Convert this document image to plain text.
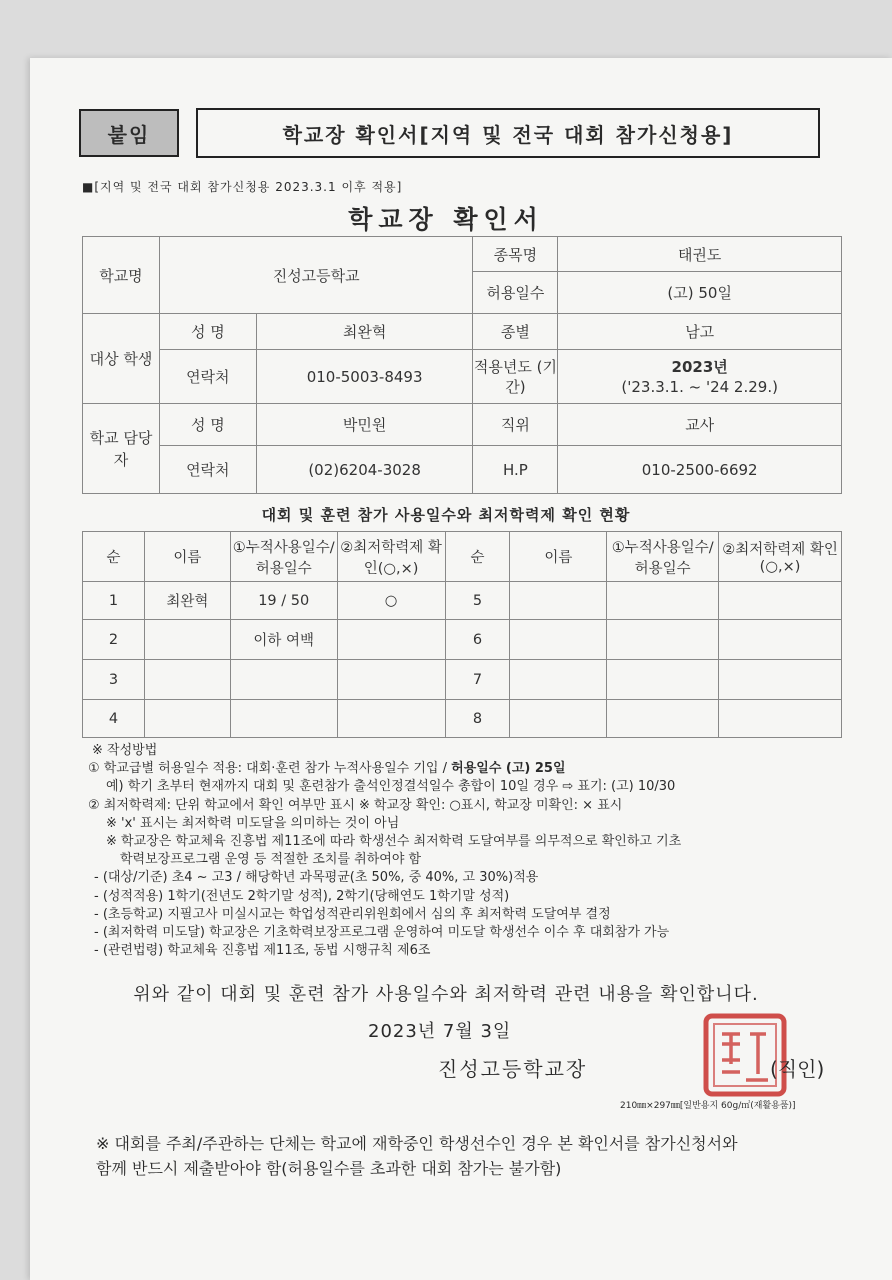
붙임	학교장 확인서[지역 및 전국 대회 참가신청용]
■[지역 및 전국 대회 참가신청용 2023.3.1 이후 적용]
학교장 확인서
학교명	진성고등학교		종목명	태권도
			허용일수	(고) 50일
대상 학생	성 명	최완혁	종별	남고
	연락처	010-5003-8493	적용년도 (기간)	2023년
('23.3.1. ~ '24 2.29.)

학교 담당자	성 명	박민원	직위	교사
	연락처	(02)6204-3028	H.P	010-2500-6692
대회 및 훈련 참가 사용일수와 최저학력제 확인 현황
순	이름	①누적사용일수/허용일수	②최저학력제 확인(○,×)	순	이름	①누적사용일수/허용일수	②최저학력제 확인(○,×)
1	최완혁	19 / 50	○	5			
2		이하 여백		6			
3				7			
4				8			
※ 작성방법
① 학교급별 허용일수 적용: 대회·훈련 참가 누적사용일수 기입 / 허용일수 (고) 25일
예) 학기 초부터 현재까지 대회 및 훈련참가 출석인정결석일수 총합이 10일 경우 ⇨ 표기: (고) 10/30
② 최저학력제: 단위 학교에서 확인 여부만 표시 ※ 학교장 확인: ○표시, 학교장 미확인: × 표시
※ 'x' 표시는 최저학력 미도달을 의미하는 것이 아님
※ 학교장은 학교체육 진흥법 제11조에 따라 학생선수 최저학력 도달여부를 의무적으로 확인하고 기초
학력보장프로그램 운영 등 적절한 조치를 취하여야 함
- (대상/기준) 초4 ~ 고3 / 해당학년 과목평균(초 50%, 중 40%, 고 30%)적용
- (성적적용) 1학기(전년도 2학기말 성적), 2학기(당해연도 1학기말 성적)
- (초등학교) 지필고사 미실시교는 학업성적관리위원회에서 심의 후 최저학력 도달여부 결정
- (최저학력 미도달) 학교장은 기초학력보장프로그램 운영하여 미도달 학생선수 이수 후 대회참가 가능
- (관련법령) 학교체육 진흥법 제11조, 동법 시행규칙 제6조
위와 같이 대회 및 훈련 참가 사용일수와 최저학력 관련 내용을 확인합니다.
2023년 7월 3일
진성고등학교장	(직인)
210㎜×297㎜[일반용지 60g/㎡(재활용품)]
※ 대회를 주최/주관하는 단체는 학교에 재학중인 학생선수인 경우 본 확인서를 참가신청서와
함께 반드시 제출받아야 함(허용일수를 초과한 대회 참가는 불가함)
